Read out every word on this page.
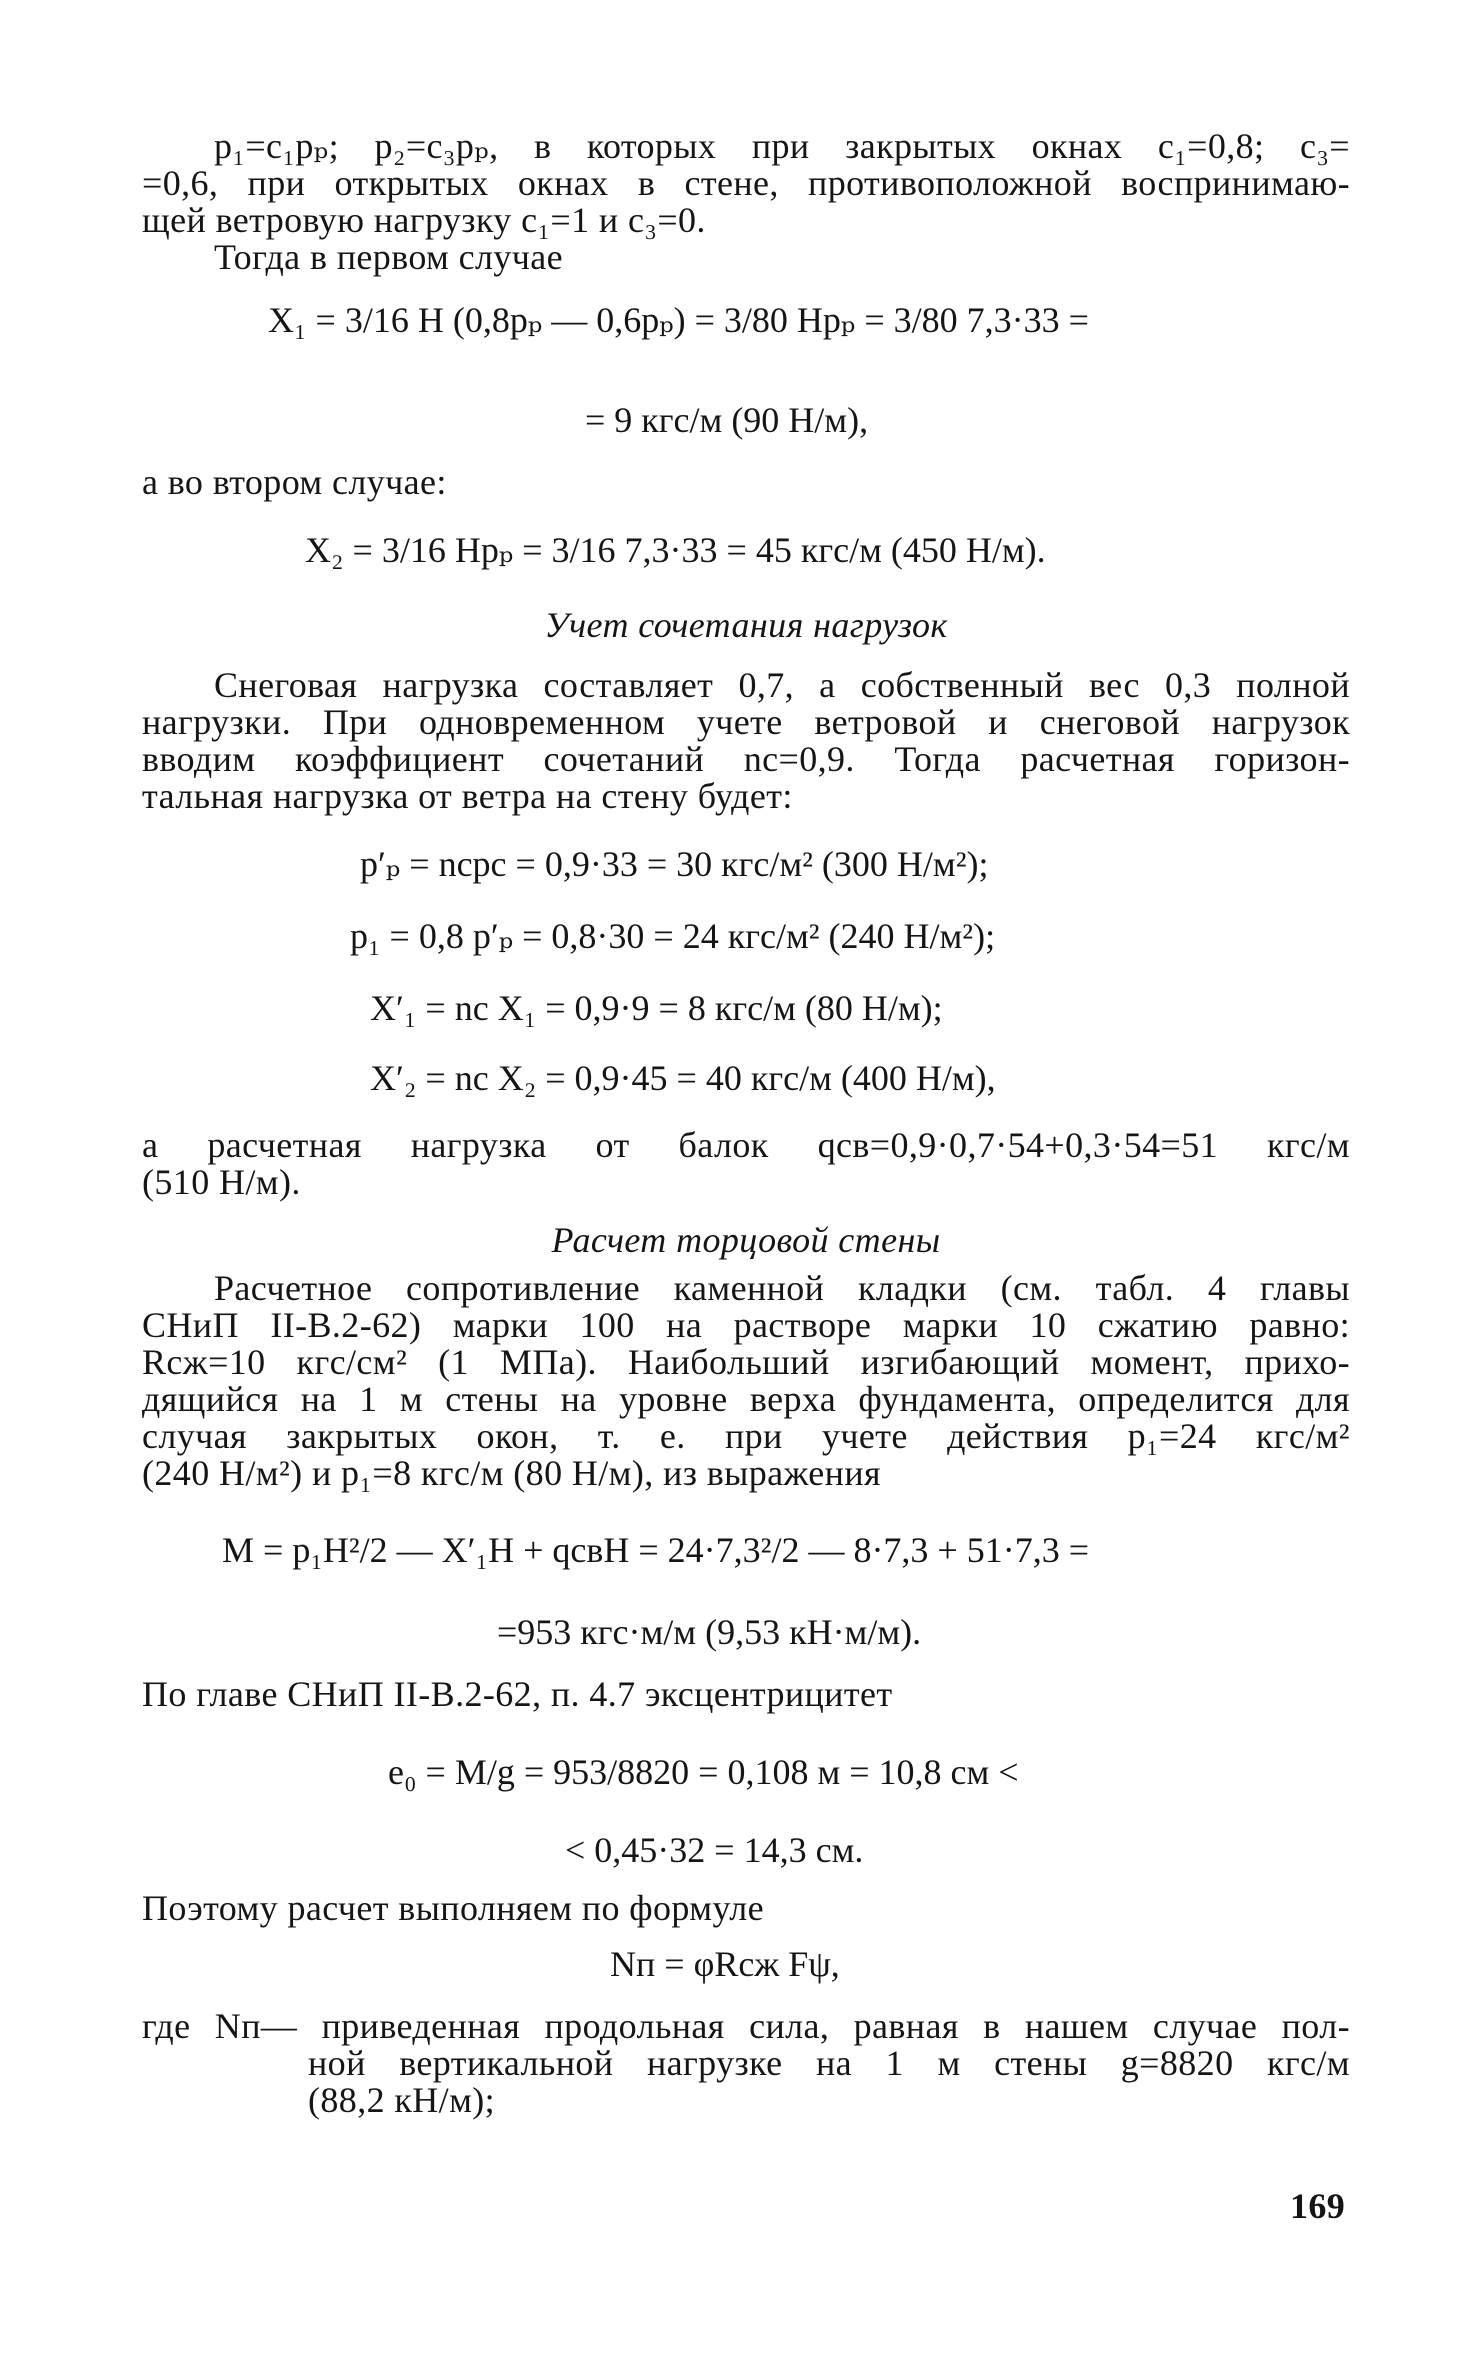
p₁=c₁pₚ; p₂=c₃pₚ, в которых при закрытых окнах c₁=0,8; c₃=
=0,6, при открытых окнах в стене, противоположной воспринимаю-
щей ветровую нагрузку c₁=1 и c₃=0.
Тогда в первом случае
X₁ = 3/16 H (0,8pₚ — 0,6pₚ) = 3/80 Hpₚ = 3/80 7,3·33 =
= 9 кгс/м (90 Н/м),
а во втором случае:
X₂ = 3/16 Hpₚ = 3/16 7,3·33 = 45 кгс/м (450 Н/м).
Учет сочетания нагрузок
Снеговая нагрузка составляет 0,7, а собственный вес 0,3 полной
нагрузки. При одновременном учете ветровой и снеговой нагрузок
вводим коэффициент сочетаний nс=0,9. Тогда расчетная горизон-
тальная нагрузка от ветра на стену будет:
p′ₚ = nсpс = 0,9·33 = 30 кгс/м² (300 Н/м²);
p₁ = 0,8 p′ₚ = 0,8·30 = 24 кгс/м² (240 Н/м²);
X′₁ = nс X₁ = 0,9·9 = 8 кгс/м (80 Н/м);
X′₂ = nс X₂ = 0,9·45 = 40 кгс/м (400 Н/м),
а расчетная нагрузка от балок qсв=0,9·0,7·54+0,3·54=51 кгс/м
(510 Н/м).
Расчет торцовой стены
Расчетное сопротивление каменной кладки (см. табл. 4 главы
СНиП II-В.2-62) марки 100 на растворе марки 10 сжатию равно:
Rсж=10 кгс/см² (1 МПа). Наибольший изгибающий момент, прихо-
дящийся на 1 м стены на уровне верха фундамента, определится для
случая закрытых окон, т. е. при учете действия p₁=24 кгс/м²
(240 Н/м²) и p₁=8 кгс/м (80 Н/м), из выражения
M = p₁H²/2 — X′₁H + qсвH = 24·7,3²/2 — 8·7,3 + 51·7,3 =
=953 кгс·м/м (9,53 кН·м/м).
По главе СНиП II-В.2-62, п. 4.7 эксцентрицитет
e₀ = M/g = 953/8820 = 0,108 м = 10,8 см <
< 0,45·32 = 14,3 см.
Поэтому расчет выполняем по формуле
Nп = φRсж Fψ,
где Nп— приведенная продольная сила, равная в нашем случае пол-
ной вертикальной нагрузке на 1 м стены g=8820 кгс/м
(88,2 кН/м);
169
